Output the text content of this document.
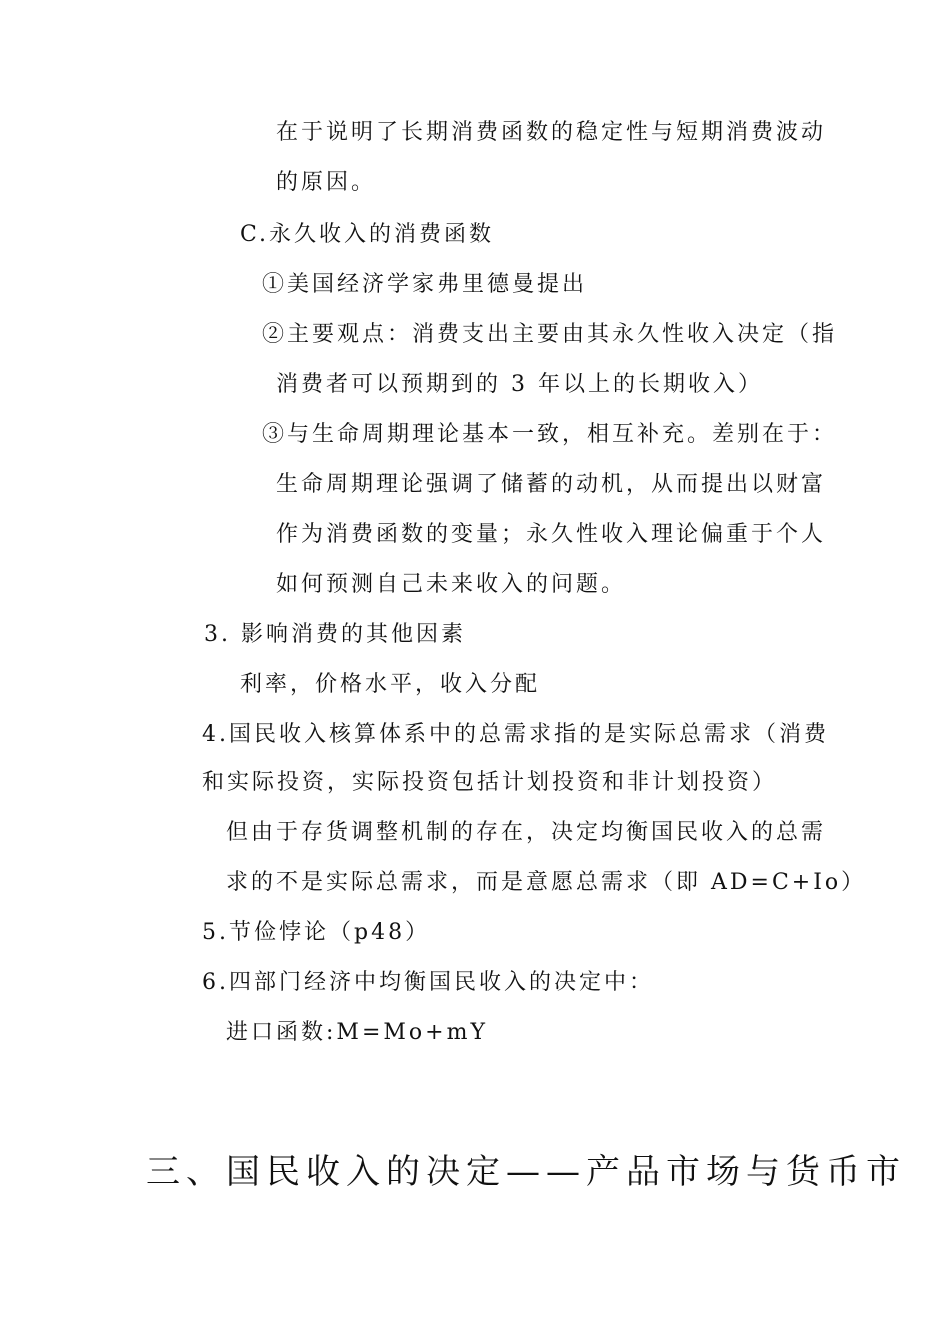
在于说明了长期消费函数的稳定性与短期消费波动
的原因。
C.永久收入的消费函数
①美国经济学家弗里德曼提出
②主要观点：消费支出主要由其永久性收入决定（指
消费者可以预期到的 3 年以上的长期收入）
③与生命周期理论基本一致，相互补充。差别在于：
生命周期理论强调了储蓄的动机，从而提出以财富
作为消费函数的变量；永久性收入理论偏重于个人
如何预测自己未来收入的问题。
3. 影响消费的其他因素
利率，价格水平，收入分配
4.国民收入核算体系中的总需求指的是实际总需求（消费
和实际投资，实际投资包括计划投资和非计划投资）
但由于存货调整机制的存在，决定均衡国民收入的总需
求的不是实际总需求，而是意愿总需求（即 AD=C+Io）
5.节俭悖论（p48）
6.四部门经济中均衡国民收入的决定中：
进口函数:M=Mo+mY
三、国民收入的决定——产品市场与货币市
